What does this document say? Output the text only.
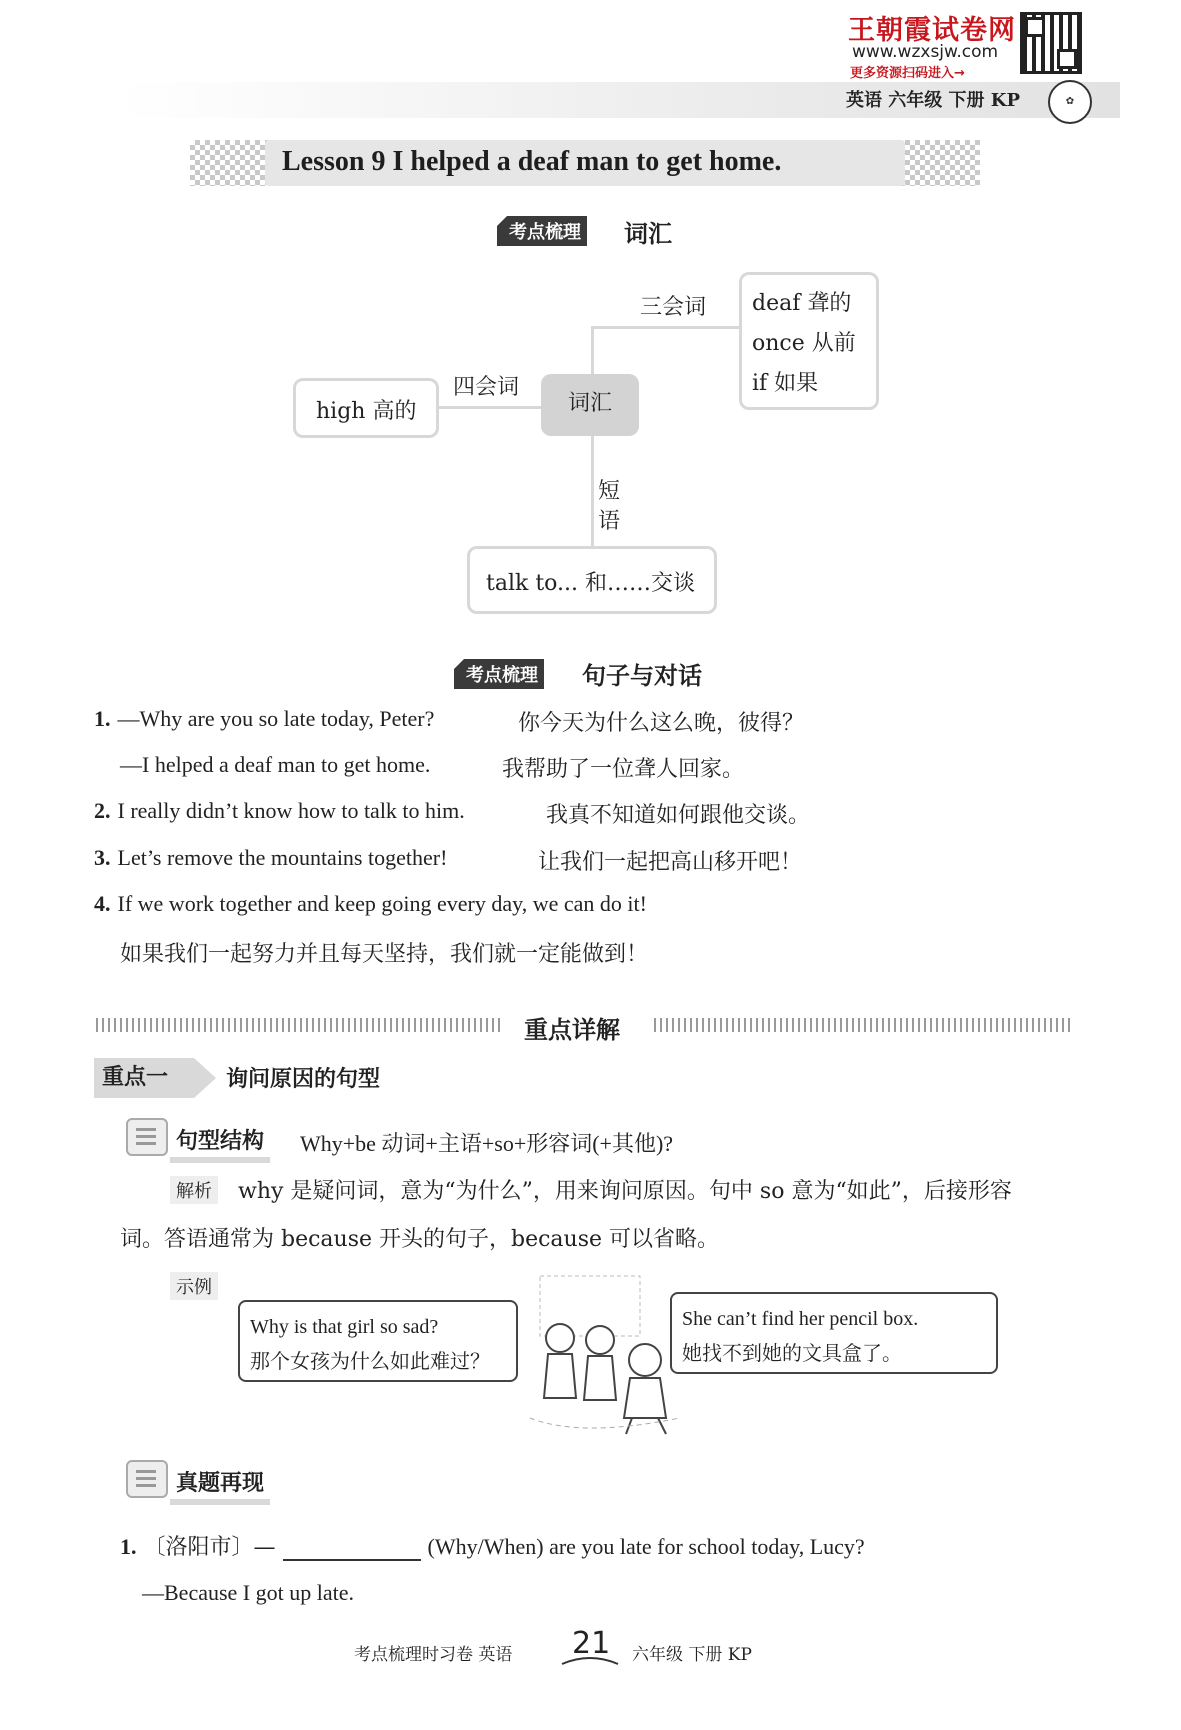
王朝霞试卷网
www.wzxsjw.com
更多资源扫码进入→
英语 六年级 下册 KP	✿
Lesson 9 I helped a deaf man to get home.
考点梳理 词汇
词汇
三会词
四会词
短
语
deaf 聋的
once 从前
if 如果
high 高的
talk to... 和……交谈
考点梳理 句子与对话
1. —Why are you so late today, Peter?	你今天为什么这么晚，彼得？
—I helped a deaf man to get home.	我帮助了一位聋人回家。
2. I really didn’t know how to talk to him.	我真不知道如何跟他交谈。
3. Let’s remove the mountains together!	让我们一起把高山移开吧！
4. If we work together and keep going every day, we can do it!
如果我们一起努力并且每天坚持，我们就一定能做到！
重点详解
重点一	询问原因的句型
句型结构 Why+be 动词+主语+so+形容词(+其他)?
解析 why 是疑问词，意为“为什么”，用来询问原因。句中 so 意为“如此”，后接形容
词。答语通常为 because 开头的句子，because 可以省略。
示例
Why is that girl so sad?
那个女孩为什么如此难过？
She can’t find her pencil box.
她找不到她的文具盒了。
真题再现
1. 〔洛阳市〕—	(Why/When) are you late for school today, Lucy?
—Because I got up late.
考点梳理时习卷 英语 21 六年级 下册 KP
